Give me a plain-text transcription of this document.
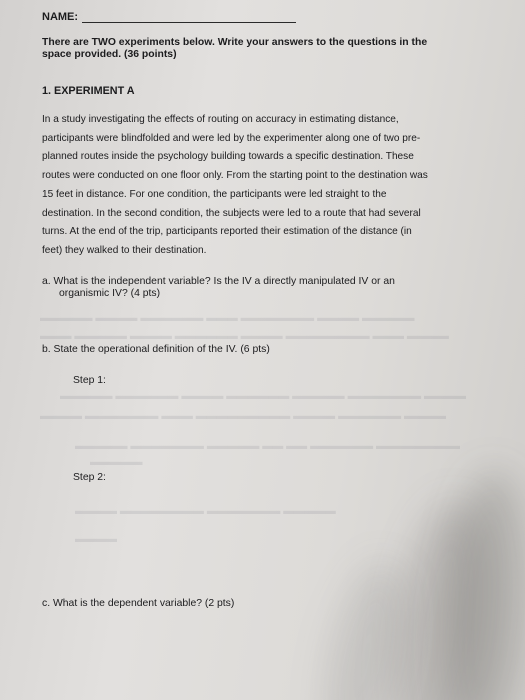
▬▬▬▬▬ ▬▬▬▬ ▬▬▬▬▬▬ ▬▬▬ ▬▬▬▬▬▬▬ ▬▬▬▬ ▬▬▬▬▬
▬▬▬ ▬▬▬▬▬ ▬▬▬▬ ▬▬▬▬▬▬ ▬▬▬▬ ▬▬▬▬▬▬▬▬ ▬▬▬ ▬▬▬▬
▬▬▬▬▬ ▬▬▬▬▬▬ ▬▬▬▬ ▬▬▬▬▬▬ ▬▬▬▬▬ ▬▬▬▬▬▬▬ ▬▬▬▬
▬▬▬▬ ▬▬▬▬▬▬▬ ▬▬▬ ▬▬▬▬▬▬▬▬▬ ▬▬▬▬ ▬▬▬▬▬▬ ▬▬▬▬
▬▬▬▬▬ ▬▬▬▬▬▬▬ ▬▬▬▬▬ ▬▬ ▬▬ ▬▬▬▬▬▬ ▬▬▬▬▬▬▬▬
▬▬▬▬▬
▬▬▬▬ ▬▬▬▬▬▬▬▬ ▬▬▬▬▬▬▬ ▬▬▬▬▬
▬▬▬▬
NAME:
There are TWO experiments below. Write your answers to the questions in the
space provided. (36 points)
1. EXPERIMENT A
In a study investigating the effects of routing on accuracy in estimating distance,
participants were blindfolded and were led by the experimenter along one of two pre-
planned routes inside the psychology building towards a specific destination. These
routes were conducted on one floor only. From the starting point to the destination was
15 feet in distance. For one condition, the participants were led straight to the
destination. In the second condition, the subjects were led to a route that had several
turns. At the end of the trip, participants reported their estimation of the distance (in
feet) they walked to their destination.
a. What is the independent variable? Is the IV a directly manipulated IV or an
organismic IV? (4 pts)
b. State the operational definition of the IV. (6 pts)
Step 1:
Step 2:
c. What is the dependent variable? (2 pts)
